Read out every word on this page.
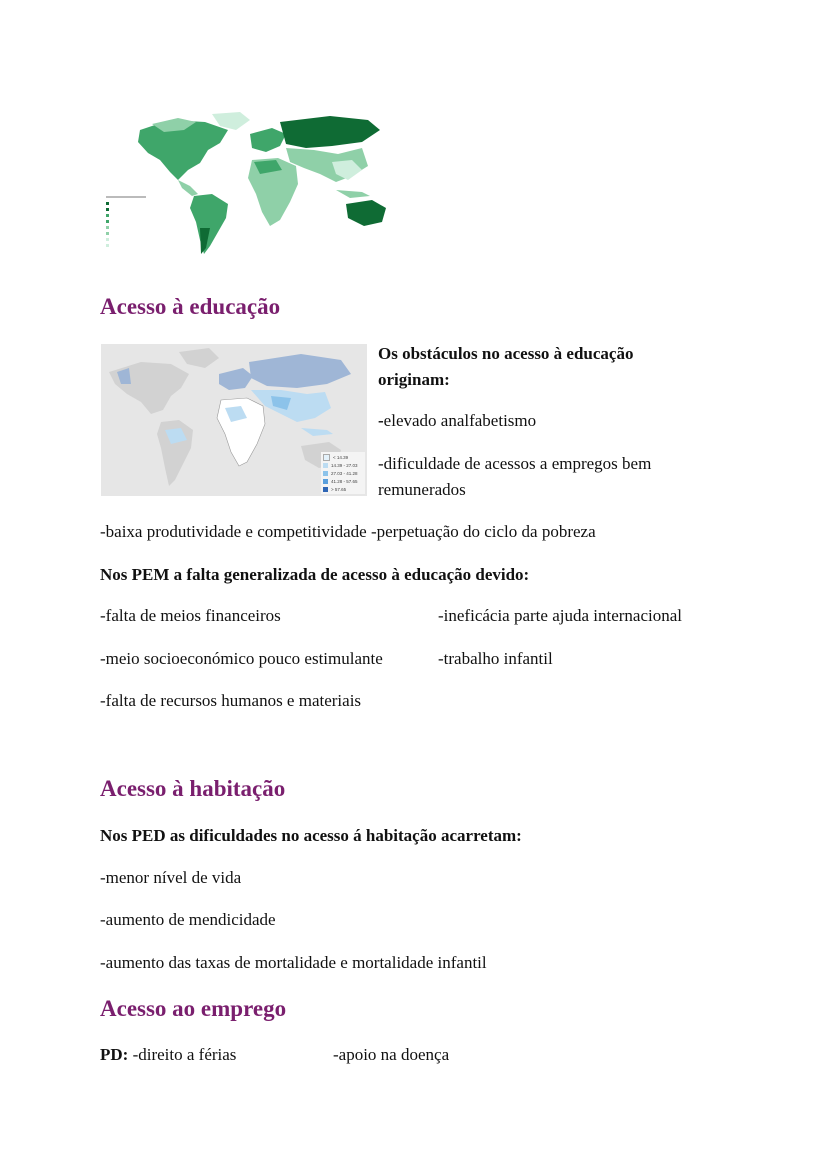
Acesso à educação
< 14.39
14.39 - 27.03
27.03 - 41.28
41.28 - 57.65
> 57.65
Os obstáculos no acesso à educação
originam:
-elevado analfabetismo
-dificuldade de acessos a empregos bem
remunerados
-baixa produtividade e competitividade -perpetuação do ciclo da pobreza
Nos PEM a falta generalizada de acesso à educação devido:
-falta de meios financeiros	-ineficácia parte ajuda internacional
-meio socioeconómico pouco estimulante	-trabalho infantil
-falta de recursos humanos e materiais
Acesso à habitação
Nos PED as dificuldades no acesso á habitação acarretam:
-menor nível de vida
-aumento de mendicidade
-aumento das taxas de mortalidade e mortalidade infantil
Acesso ao emprego
PD: -direito a férias	-apoio na doença
